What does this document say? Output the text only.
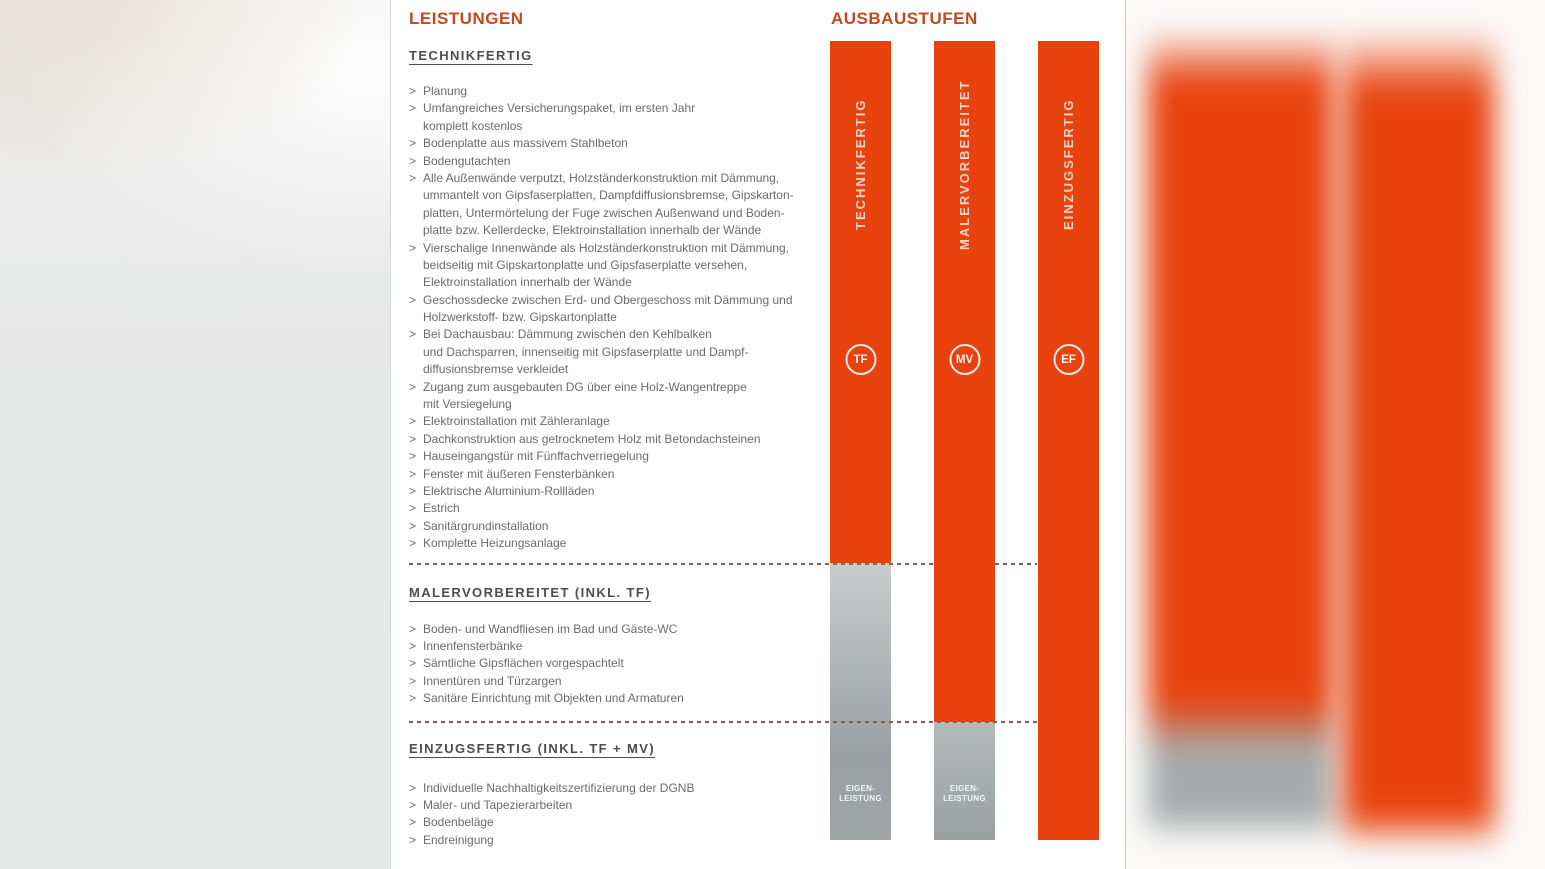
LEISTUNGEN	AUSBAUSTUFEN
TECHNIKFERTIG
> Planung
> Umfangreiches Versicherungspaket, im ersten Jahr
komplett kostenlos
> Bodenplatte aus massivem Stahlbeton
> Bodengutachten
> Alle Außenwände verputzt, Holzständerkonstruktion mit Dämmung,
ummantelt von Gipsfaserplatten, Dampfdiffusionsbremse, Gipskarton-
platten, Untermörtelung der Fuge zwischen Außenwand und Boden-
platte bzw. Kellerdecke, Elektroinstallation innerhalb der Wände
> Vierschalige Innenwände als Holzständerkonstruktion mit Dämmung,
beidseitig mit Gipskartonplatte und Gipsfaserplatte versehen,
Elektroinstallation innerhalb der Wände
> Geschossdecke zwischen Erd- und Obergeschoss mit Dämmung und
Holzwerkstoff- bzw. Gipskartonplatte
> Bei Dachausbau: Dämmung zwischen den Kehlbalken
und Dachsparren, innenseitig mit Gipsfaserplatte und Dampf-
diffusionsbremse verkleidet
> Zugang zum ausgebauten DG über eine Holz-Wangentreppe
mit Versiegelung
> Elektroinstallation mit Zähleranlage
> Dachkonstruktion aus getrocknetem Holz mit Betondachsteinen
> Hauseingangstür mit Fünffachverriegelung
> Fenster mit äußeren Fensterbänken
> Elektrische Aluminium-Rollläden
> Estrich
> Sanitärgrundinstallation
> Komplette Heizungsanlage
MALERVORBEREITET (INKL. TF)
> Boden- und Wandfliesen im Bad und Gäste-WC
> Innenfensterbänke
> Sämtliche Gipsflächen vorgespachtelt
> Innentüren und Türzargen
> Sanitäre Einrichtung mit Objekten und Armaturen
EINZUGSFERTIG (INKL. TF + MV)
> Individuelle Nachhaltigkeitszertifizierung der DGNB
> Maler- und Tapezierarbeiten
> Bodenbeläge
> Endreinigung
TECHNIKFERTIG
TF
EIGEN-
LEISTUNG
MALERVORBEREITET
MV
EIGEN-
LEISTUNG
EINZUGSFERTIG
EF
